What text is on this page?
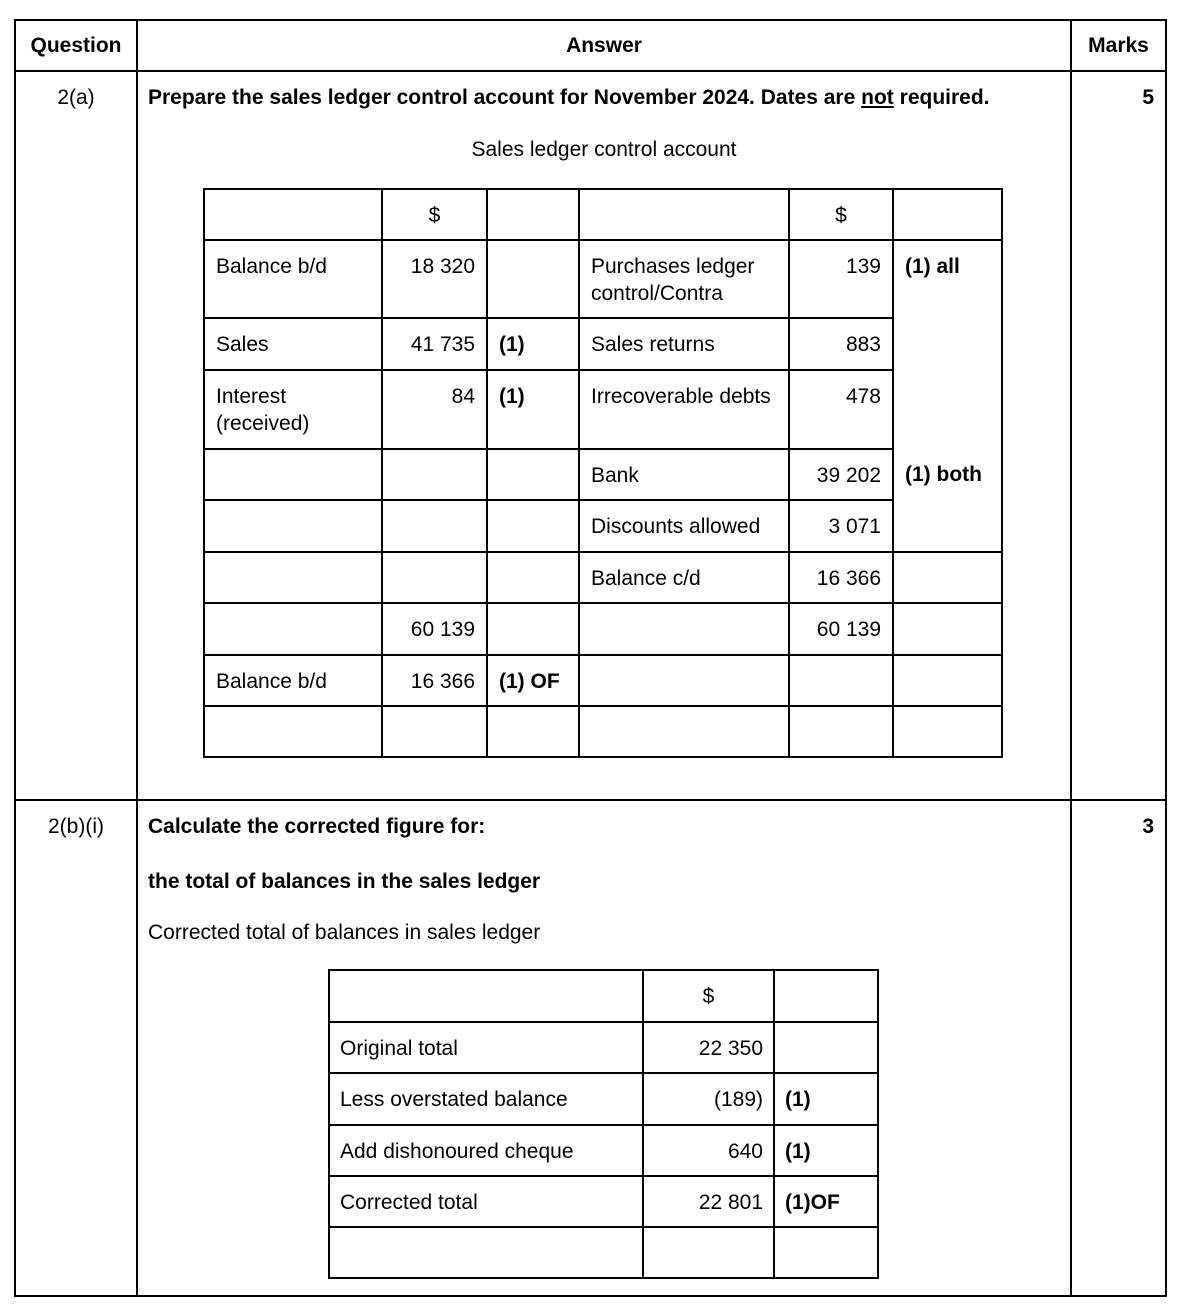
Question	Answer	Marks
2(a)	Prepare the sales ledger control account for November 2024. Dates are not required.
Sales ledger control account
	$			$	
Balance b/d	18 320		Purchases ledger control/Contra	139	(1) all
Sales	41 735	(1)	Sales returns	883
Interest (received)	84	(1)	Irrecoverable debts	478
			Bank	39 202	(1) both
			Discounts allowed	3 071
			Balance c/d	16 366	
	60 139			60 139	
Balance b/d	16 366	(1) OF			

	5
2(b)(i)	Calculate the corrected figure for:
the total of balances in the sales ledger
Corrected total of balances in sales ledger
	$	
Original total	22 350	
Less overstated balance	(189)	(1)
Add dishonoured cheque	640	(1)
Corrected total	22 801	(1)OF

	3
